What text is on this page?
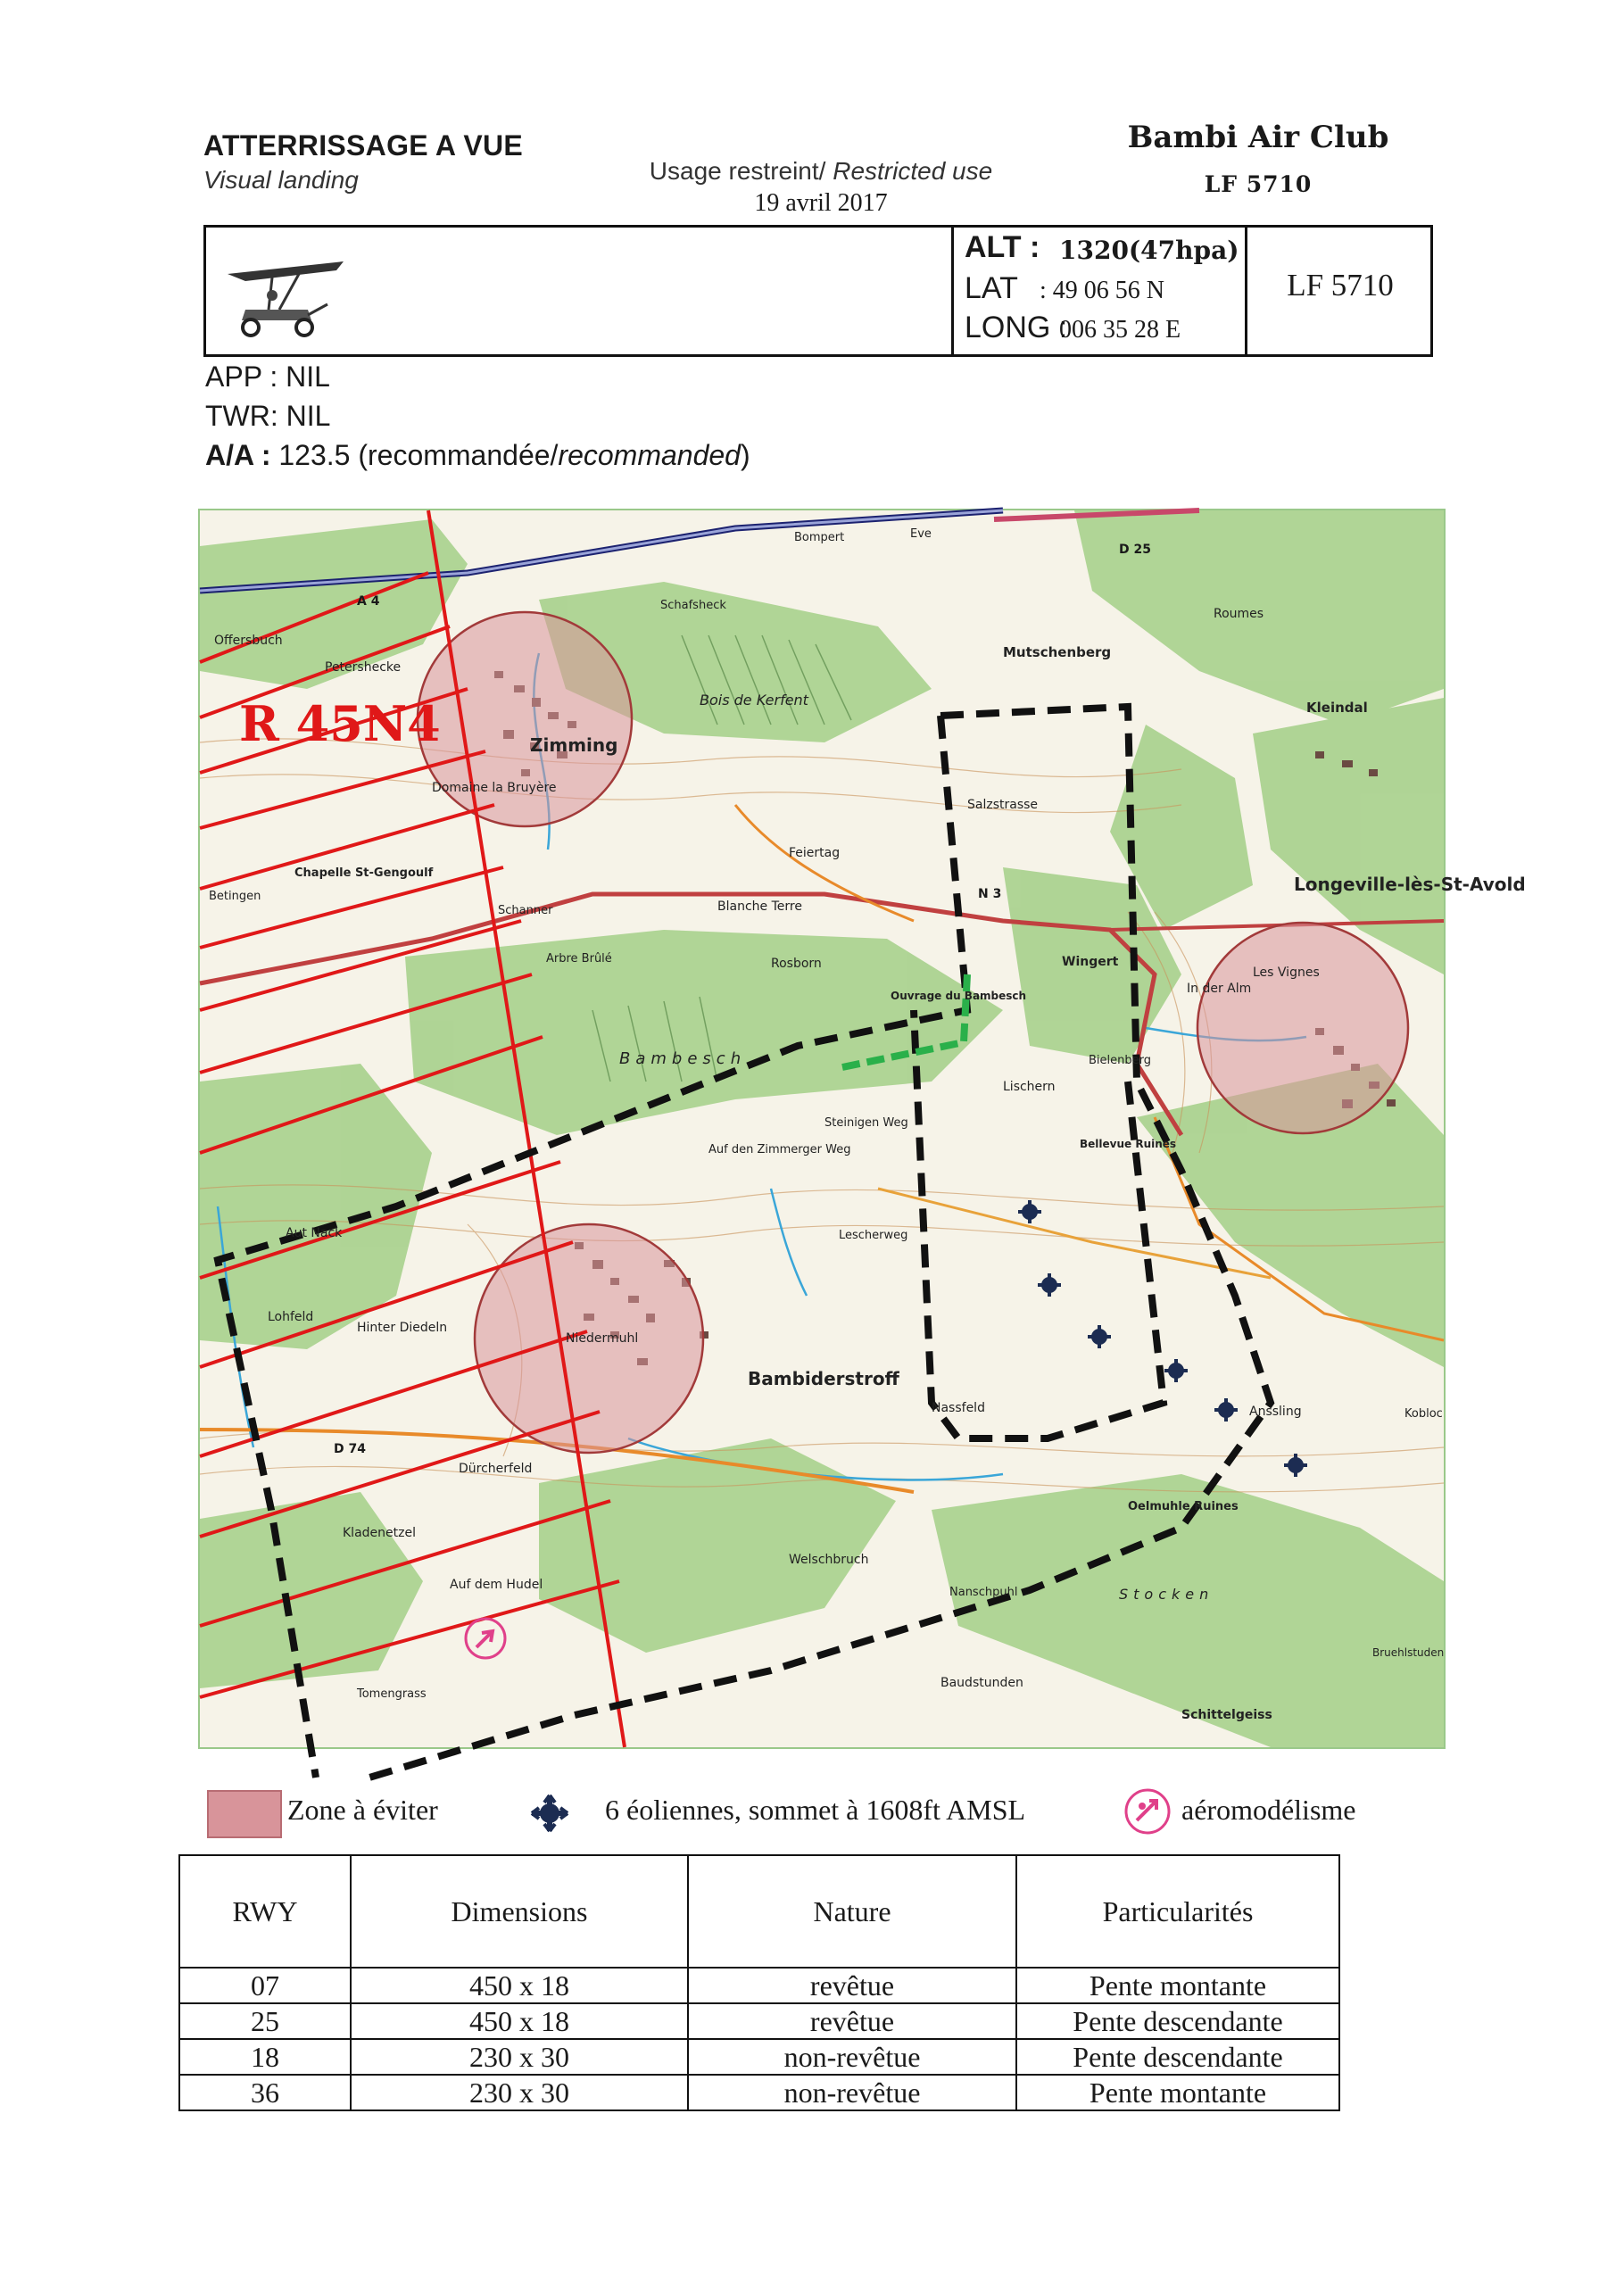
ATTERRISSAGE A VUE
Visual landing	Usage restreint/ Restricted use
19 avril 2017
Bambi Air Club
LF 5710
ALT : 1320(47hpa)
LAT : 49 06 56 N
LONG :
006 35 28 E
LF 5710
APP : NIL
TWR: NIL
A/A : 123.5 (recommandée/recommanded)
R 45N4	Zimming
Domaine la Bruyère
Bambiderstroff
Longeville-lès-St-Avold
Mutschenberg
Kleindal
Salzstrasse
Bois de Kerfent
Bambesch
Lischern
Blanche Terre
Rosborn
Feiertag
Niedermuhl
Dürcherfeld
Kladenetzel
Auf dem Hudel
Oelmuhle Ruines
Stocken
Schittelgeiss
Baudstunden
Welschbruch
Nassfeld
Petershecke
Offersbuch
Wingert
In der Alm
Roumes
Bompert	Eve
Schafsheck
Les Vignes
Bellevue Ruines
Bielenberg
Ouvrage du Bambesch
Auf den Zimmerger Weg
Lescherweg
Steinigen Weg
Hinter Diedeln
Lohfeld
Aut Nack
Anssling	Kobloc
Bruehlstuden
Tomengrass
Chapelle St-Gengoulf
Betingen
Schanner
Arbre Brûlé
Nanschpuhl
A 4
N 3
D 25
D 74
Zone à éviter	6 éoliennes, sommet à 1608ft AMSL	aéromodélisme
RWY	Dimensions	Nature	Particularités
07	450 x 18	revêtue	Pente montante
25	450 x 18	revêtue	Pente descendante
18	230 x 30	non-revêtue	Pente descendante
36	230 x 30	non-revêtue	Pente montante
